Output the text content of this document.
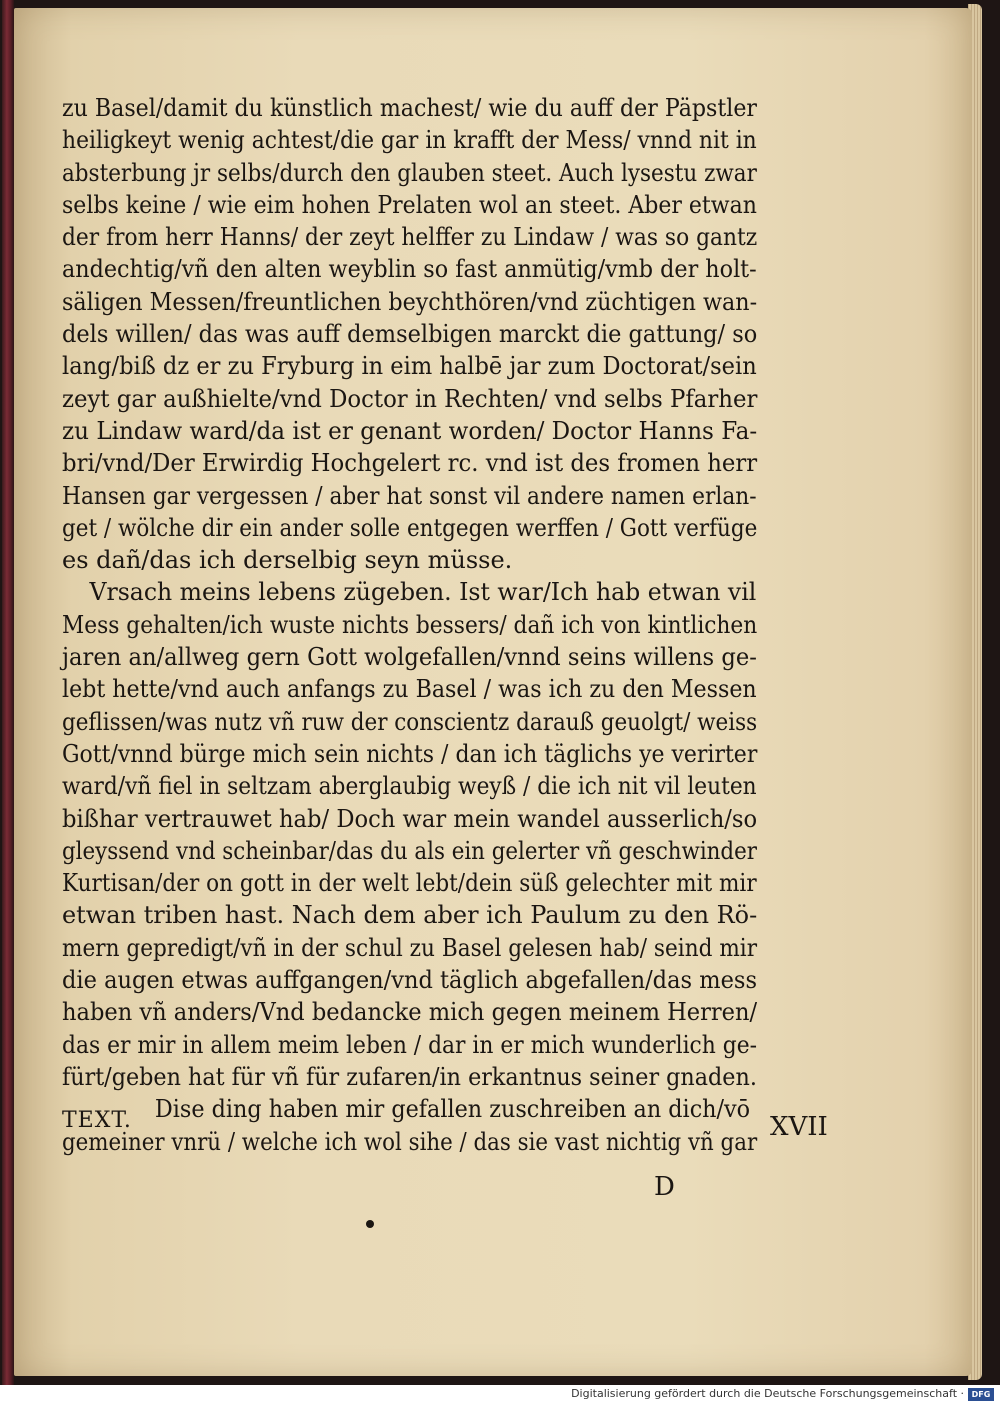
zu Basel/damit du künstlich machest/ wie du auff der Päpstler
heiligkeyt wenig achtest/die gar in krafft der Mess/ vnnd nit in
absterbung jr selbs/durch den glauben steet. Auch lysestu zwar
selbs keine / wie eim hohen Prelaten wol an steet. Aber etwan
der from herr Hanns/ der zeyt helffer zu Lindaw / was so gantz
andechtig/vñ den alten weyblin so fast anmütig/vmb der holt-
säligen Messen/freuntlichen beychthören/vnd züchtigen wan-
dels willen/ das was auff demselbigen marckt die gattung/ so
lang/biß dz er zu Fryburg in eim halbē jar zum Doctorat/sein
zeyt gar außhielte/vnd Doctor in Rechten/ vnd selbs Pfarher
zu Lindaw ward/da ist er genant worden/ Doctor Hanns Fa-
bri/vnd/Der Erwirdig Hochgelert rc. vnd ist des fromen herr
Hansen gar vergessen / aber hat sonst vil andere namen erlan-
get / wölche dir ein ander solle entgegen werffen / Gott verfüge
es dañ/das ich derselbig seyn müsse.
Vrsach meins lebens zügeben. Ist war/Ich hab etwan vil
Mess gehalten/ich wuste nichts bessers/ dañ ich von kintlichen
jaren an/allweg gern Gott wolgefallen/vnnd seins willens ge-
lebt hette/vnd auch anfangs zu Basel / was ich zu den Messen
geflissen/was nutz vñ ruw der conscientz darauß geuolgt/ weiss
Gott/vnnd bürge mich sein nichts / dan ich täglichs ye verirter
ward/vñ fiel in seltzam aberglaubig weyß / die ich nit vil leuten
bißhar vertrauwet hab/ Doch war mein wandel ausserlich/so
gleyssend vnd scheinbar/das du als ein gelerter vñ geschwinder
Kurtisan/der on gott in der welt lebt/dein süß gelechter mit mir
etwan triben hast. Nach dem aber ich Paulum zu den Rö-
mern gepredigt/vñ in der schul zu Basel gelesen hab/ seind mir
die augen etwas auffgangen/vnd täglich abgefallen/das mess
haben vñ anders/Vnd bedancke mich gegen meinem Herren/
das er mir in allem meim leben / dar in er mich wunderlich ge-
fürt/geben hat für vñ für zufaren/in erkantnus seiner gnaden.
Dise ding haben mir gefallen zuschreiben an dich/vō
gemeiner vnrü / welche ich wol sihe / das sie vast nichtig vñ gar
TEXT.	XVII
D
Digitalisierung gefördert durch die Deutsche Forschungsgemeinschaft · DFG
